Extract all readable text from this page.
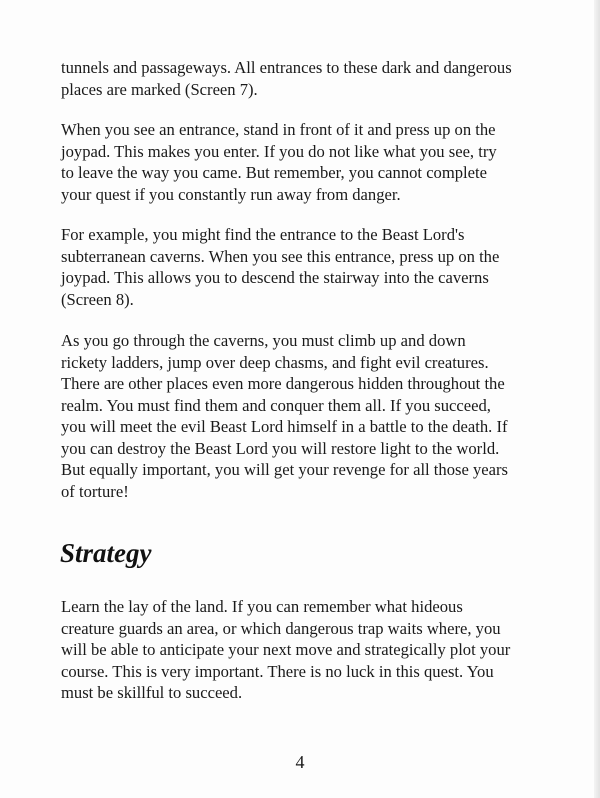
tunnels and passageways. All entrances to these dark and dangerous
places are marked (Screen 7).

When you see an entrance, stand in front of it and press up on the
joypad. This makes you enter. If you do not like what you see, try
to leave the way you came. But remember, you cannot complete
your quest if you constantly run away from danger.

For example, you might find the entrance to the Beast Lord's
subterranean caverns. When you see this entrance, press up on the
joypad. This allows you to descend the stairway into the caverns
(Screen 8).

As you go through the caverns, you must climb up and down
rickety ladders, jump over deep chasms, and fight evil creatures.
There are other places even more dangerous hidden throughout the
realm. You must find them and conquer them all. If you succeed,
you will meet the evil Beast Lord himself in a battle to the death. If
you can destroy the Beast Lord you will restore light to the world.
But equally important, you will get your revenge for all those years
of torture!

Strategy

Learn the lay of the land. If you can remember what hideous
creature guards an area, or which dangerous trap waits where, you
will be able to anticipate your next move and strategically plot your
course. This is very important. There is no luck in this quest. You
must be skillful to succeed.

4
